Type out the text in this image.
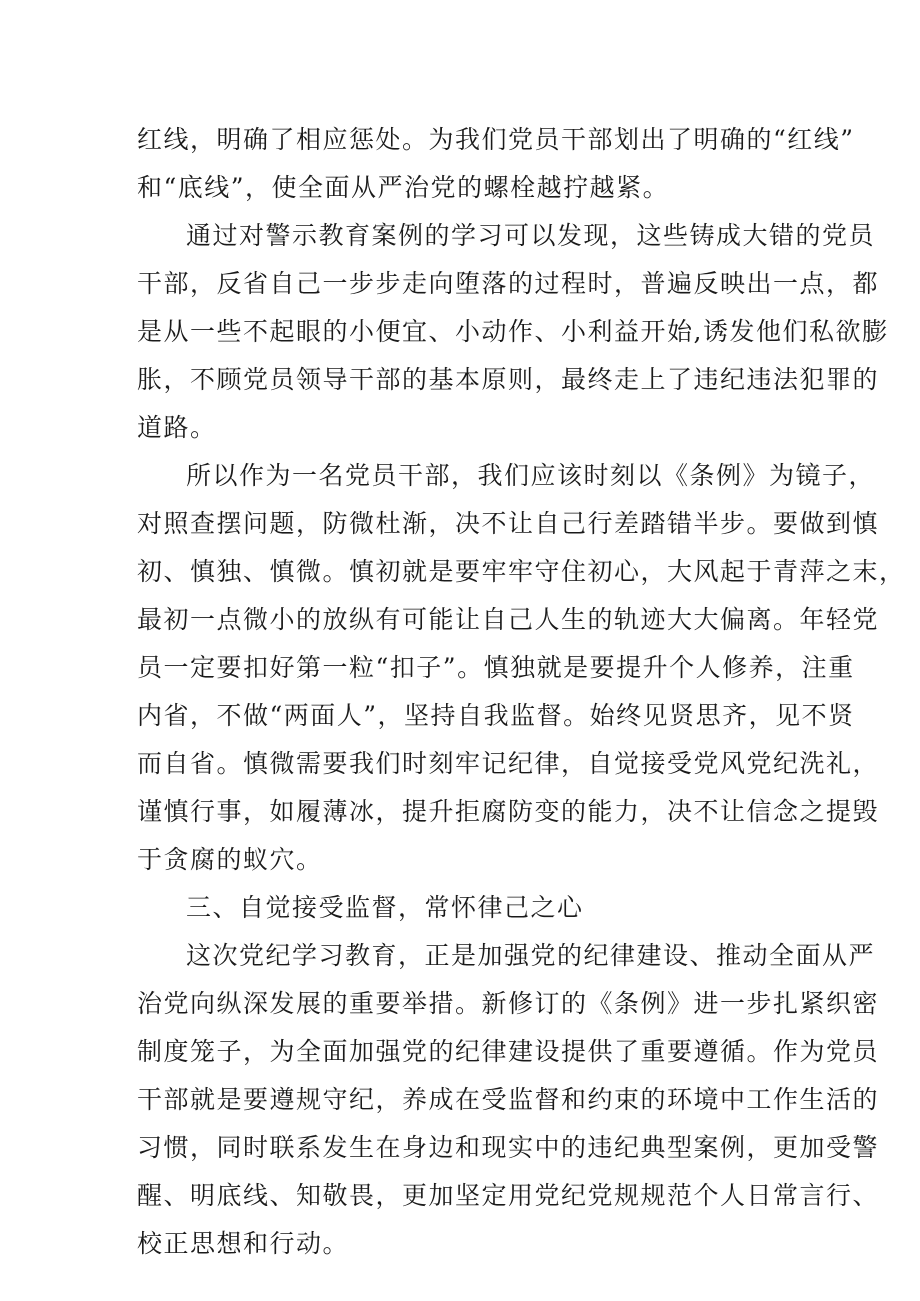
红线，明确了相应惩处。为我们党员干部划出了明确的“红线”
和“底线”，使全面从严治党的螺栓越拧越紧。
通过对警示教育案例的学习可以发现，这些铸成大错的党员
干部，反省自己一步步走向堕落的过程时，普遍反映出一点，都
是从一些不起眼的小便宜、小动作、小利益开始,诱发他们私欲膨
胀，不顾党员领导干部的基本原则，最终走上了违纪违法犯罪的
道路。
所以作为一名党员干部，我们应该时刻以《条例》为镜子，
对照查摆问题，防微杜渐，决不让自己行差踏错半步。要做到慎
初、慎独、慎微。慎初就是要牢牢守住初心，大风起于青萍之末，
最初一点微小的放纵有可能让自己人生的轨迹大大偏离。年轻党
员一定要扣好第一粒“扣子”。慎独就是要提升个人修养，注重
内省，不做“两面人”，坚持自我监督。始终见贤思齐，见不贤
而自省。慎微需要我们时刻牢记纪律，自觉接受党风党纪洗礼，
谨慎行事，如履薄冰，提升拒腐防变的能力，决不让信念之提毁
于贪腐的蚁穴。
三、自觉接受监督，常怀律己之心
这次党纪学习教育，正是加强党的纪律建设、推动全面从严
治党向纵深发展的重要举措。新修订的《条例》进一步扎紧织密
制度笼子，为全面加强党的纪律建设提供了重要遵循。作为党员
干部就是要遵规守纪，养成在受监督和约束的环境中工作生活的
习惯，同时联系发生在身边和现实中的违纪典型案例，更加受警
醒、明底线、知敬畏，更加坚定用党纪党规规范个人日常言行、
校正思想和行动。
